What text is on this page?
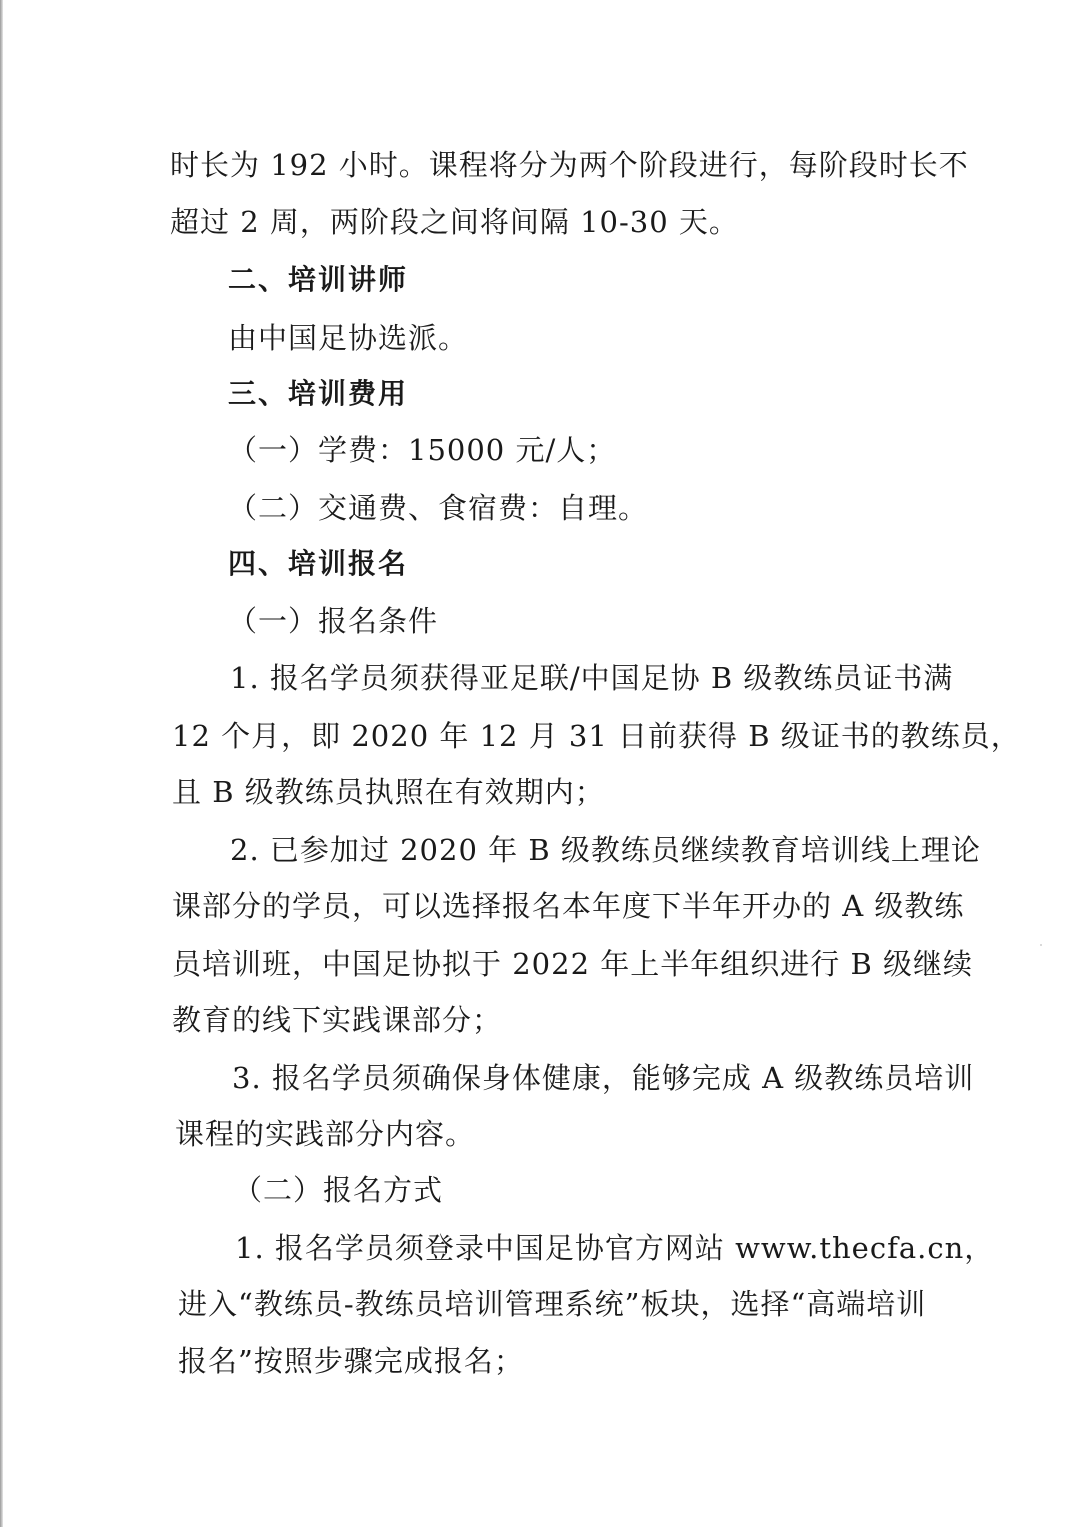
时长为 192 小时。课程将分为两个阶段进行，每阶段时长不
超过 2 周，两阶段之间将间隔 10-30 天。
二、培训讲师
由中国足协选派。
三、培训费用
（一）学费：15000 元/人；
（二）交通费、食宿费：自理。
四、培训报名
（一）报名条件
1. 报名学员须获得亚足联/中国足协 B 级教练员证书满
12 个月，即 2020 年 12 月 31 日前获得 B 级证书的教练员，
且 B 级教练员执照在有效期内；
2. 已参加过 2020 年 B 级教练员继续教育培训线上理论
课部分的学员，可以选择报名本年度下半年开办的 A 级教练
员培训班，中国足协拟于 2022 年上半年组织进行 B 级继续
教育的线下实践课部分；
3. 报名学员须确保身体健康，能够完成 A 级教练员培训
课程的实践部分内容。
（二）报名方式
1. 报名学员须登录中国足协官方网站 www.thecfa.cn，
进入“教练员-教练员培训管理系统”板块，选择“高端培训
报名”按照步骤完成报名；
